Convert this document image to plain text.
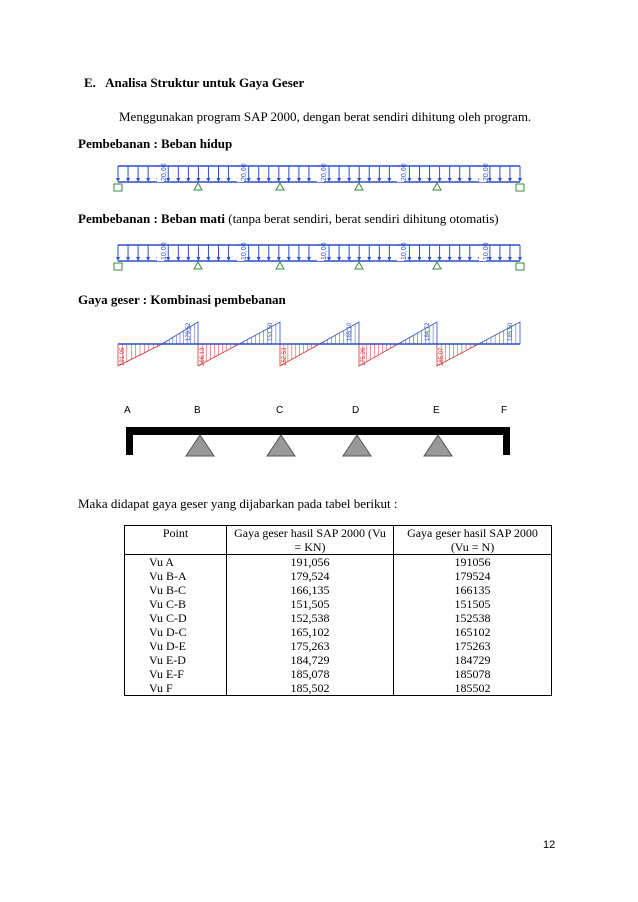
E. Analisa Struktur untuk Gaya Geser
Menggunakan program SAP 2000, dengan berat sendiri dihitung oleh program.
Pembebanan : Beban hidup
20,00	20,00	20,00	20,00	20,00
Pembebanan : Beban mati (tanpa berat sendiri, berat sendiri dihitung otomatis)
10,00	10,00	10,00	10,00	10,00
Gaya geser : Kombinasi pembebanan
179,52
191,05
151,50
166,13
165,10
152,53
184,72
175,26
185,50
185,07
A	B	C	D	E	F
Maka didapat gaya geser yang dijabarkan pada tabel berikut :
Point	Gaya geser hasil SAP 2000 (Vu = KN)	Gaya geser hasil SAP 2000 (Vu = N)
Vu A	191,056	191056
Vu B-A	179,524	179524
Vu B-C	166,135	166135
Vu C-B	151,505	151505
Vu C-D	152,538	152538
Vu D-C	165,102	165102
Vu D-E	175,263	175263
Vu E-D	184,729	184729
Vu E-F	185,078	185078
Vu F	185,502	185502
12
